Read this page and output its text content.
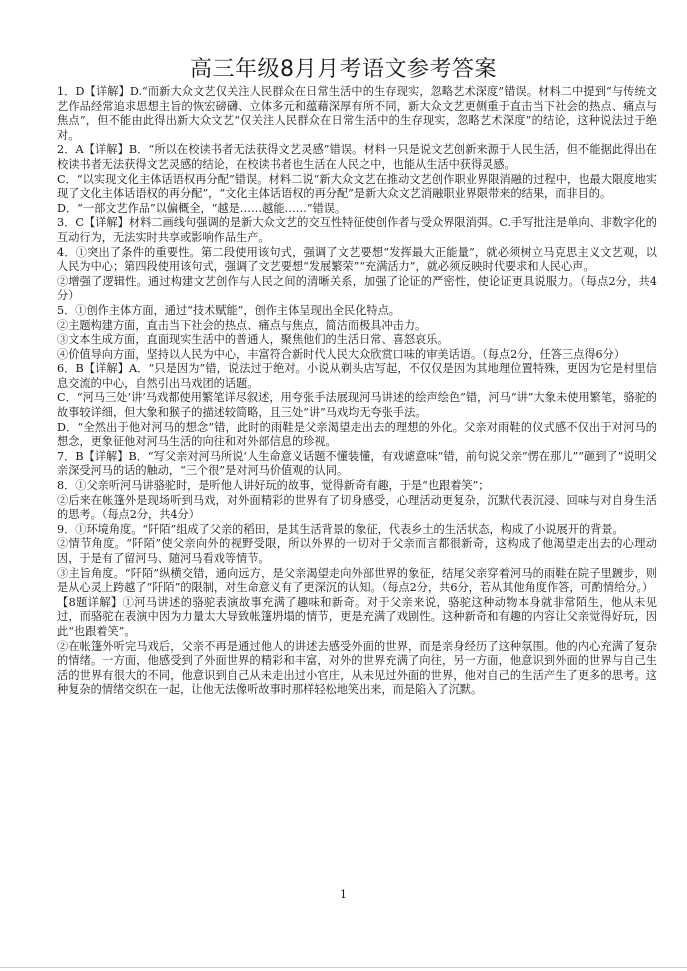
高三年级8月月考语文参考答案

1．D【详解】D.“而新大众文艺仅关注人民群众在日常生活中的生存现实，忽略艺术深度”错误。材料二中提到“与传统文艺作品经常追求思想主旨的恢宏磅礴、立体多元和蕴藉深厚有所不同，新大众文艺更侧重于直击当下社会的热点、痛点与焦点”，但不能由此得出新大众文艺“仅关注人民群众在日常生活中的生存现实，忽略艺术深度”的结论，这种说法过于绝对。

2．A【详解】B．“所以在校读书者无法获得文艺灵感”错误。材料一只是说文艺创新来源于人民生活，但不能据此得出在校读书者无法获得文艺灵感的结论，在校读书者也生活在人民之中，也能从生活中获得灵感。

C．“以实现文化主体话语权再分配”错误。材料二说“新大众文艺在推动文艺创作职业界限消融的过程中，也最大限度地实现了文化主体话语权的再分配”，“文化主体话语权的再分配”是新大众文艺消融职业界限带来的结果，而非目的。

D．“一部文艺作品”以偏概全，“越是……越能……”错误。

3．C【详解】材料二画线句强调的是新大众文艺的交互性特征使创作者与受众界限消弭。C.手写批注是单向、非数字化的互动行为，无法实时共享或影响作品生产。

4．①突出了条件的重要性。第二段使用该句式，强调了文艺要想“发挥最大正能量”，就必须树立马克思主义文艺观，以人民为中心；第四段使用该句式，强调了文艺要想“发展繁荣”“充满活力”，就必须反映时代要求和人民心声。

②增强了逻辑性。通过构建文艺创作与人民之间的清晰关系，加强了论证的严密性，使论证更具说服力。（每点2分，共4分）

5．①创作主体方面，通过“技术赋能”，创作主体呈现出全民化特点。

②主题构建方面，直击当下社会的热点、痛点与焦点，简洁而极具冲击力。

③文本生成方面，直面现实生活中的普通人，聚焦他们的生活日常、喜怒哀乐。

④价值导向方面，坚持以人民为中心，丰富符合新时代人民大众欣赏口味的审美话语。（每点2分，任答三点得6分）

6．B【详解】A．“只是因为”错，说法过于绝对。小说从剃头店写起，不仅仅是因为其地理位置特殊，更因为它是村里信息交流的中心，自然引出马戏团的话题。

C．“河马三处‘讲’马戏都使用繁笔详尽叙述，用夸张手法展现河马讲述的绘声绘色”错，河马“讲”大象未使用繁笔，骆驼的故事较详细，但大象和猴子的描述较简略，且三处“讲”马戏均无夸张手法。

D．“全然出于他对河马的想念”错，此时的雨鞋是父亲渴望走出去的理想的外化。父亲对雨鞋的仪式感不仅出于对河马的想念，更象征他对河马生活的向往和对外部信息的珍视。

7．B【详解】B．“写父亲对河马所说‘人生命意义话题不懂装懂，有戏谑意味”错，前句说父亲“愣在那儿”“砸到了”说明父亲深受河马的话的触动，“三个很”是对河马价值观的认同。

8．①父亲听河马讲骆驼时，是听他人讲好玩的故事，觉得新奇有趣，于是“也跟着笑”；

②后来在帐篷外是现场听到马戏，对外面精彩的世界有了切身感受，心理活动更复杂，沉默代表沉浸、回味与对自身生活的思考。（每点2分，共4分）

9．①环境角度。“阡陌”组成了父亲的稻田，是其生活背景的象征，代表乡土的生活状态，构成了小说展开的背景。

②情节角度。“阡陌”使父亲向外的视野受限，所以外界的一切对于父亲而言都很新奇，这构成了他渴望走出去的心理动因，于是有了留河马、随河马看戏等情节。

③主旨角度。“阡陌”纵横交错，通向远方，是父亲渴望走向外部世界的象征，结尾父亲穿着河马的雨鞋在院子里踱步，则是从心灵上跨越了“阡陌”的限制，对生命意义有了更深沉的认知。（每点2分，共6分，若从其他角度作答，可酌情给分。）

【8题详解】①河马讲述的骆驼表演故事充满了趣味和新奇。对于父亲来说，骆驼这种动物本身就非常陌生，他从未见过，而骆驼在表演中因为力量太大导致帐篷坍塌的情节，更是充满了戏剧性。这种新奇和有趣的内容让父亲觉得好玩，因此“也跟着笑”。

②在帐篷外听完马戏后，父亲不再是通过他人的讲述去感受外面的世界，而是亲身经历了这种氛围。他的内心充满了复杂的情绪。一方面，他感受到了外面世界的精彩和丰富，对外的世界充满了向往，另一方面，他意识到外面的世界与自己生活的世界有很大的不同，他意识到自己从未走出过小官庄，从未见过外面的世界，他对自己的生活产生了更多的思考。这种复杂的情绪交织在一起，让他无法像听故事时那样轻松地笑出来，而是陷入了沉默。

1
